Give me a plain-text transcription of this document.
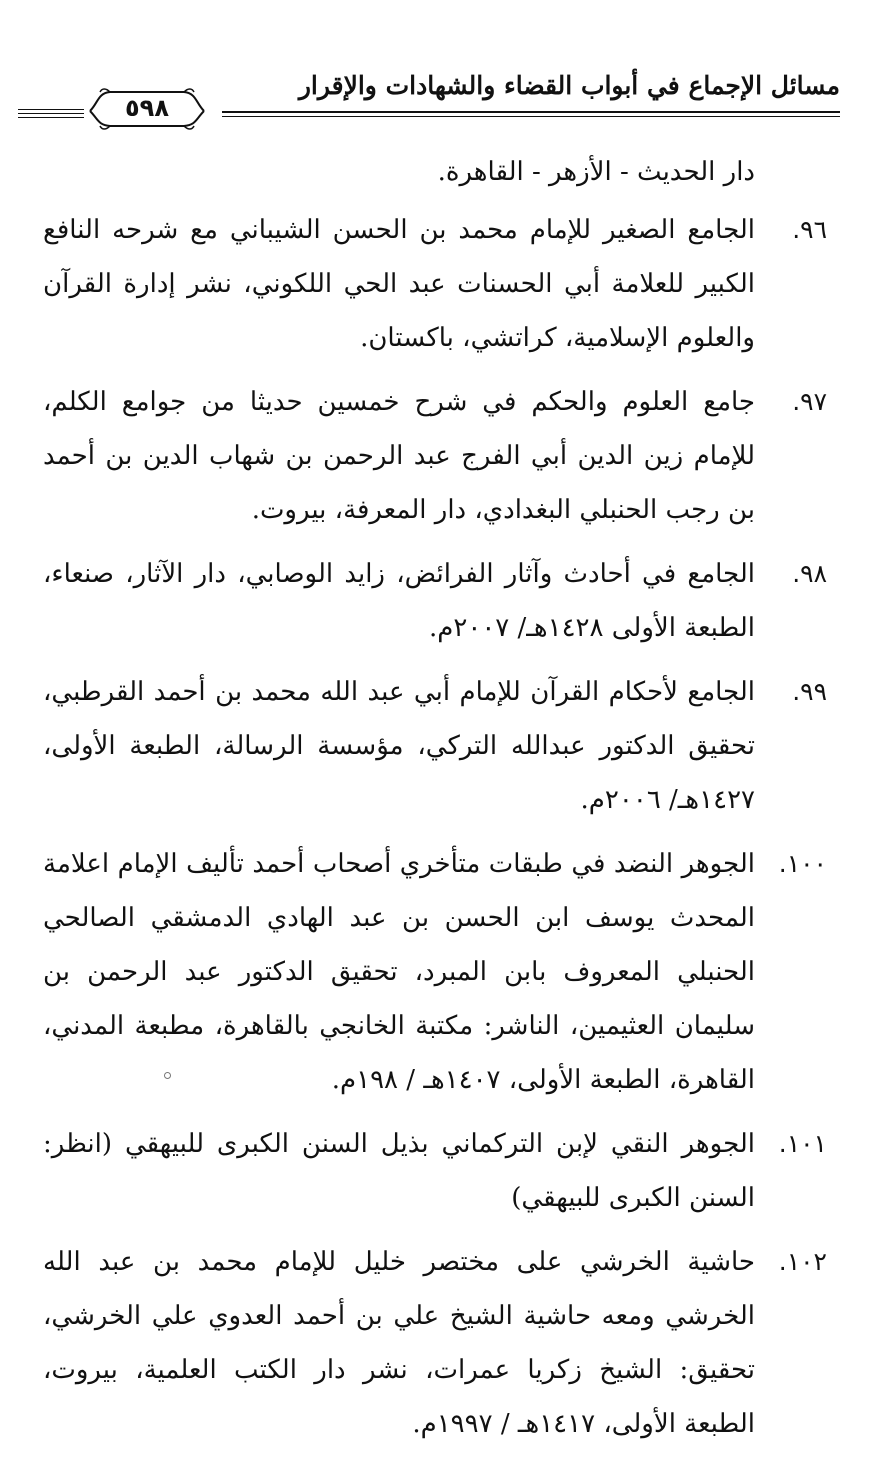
مسائل الإجماع في أبواب القضاء والشهادات والإقرار
٥٩٨

دار الحديث - الأزهر - القاهرة.

٩٦.
الجامع الصغير للإمام محمد بن الحسن الشيباني مع شرحه النافع الكبير للعلامة أبي الحسنات عبد الحي اللكوني، نشر إدارة القرآن والعلوم الإسلامية، كراتشي، باكستان.
٩٧.
جامع العلوم والحكم في شرح خمسين حديثا من جوامع الكلم، للإمام زين الدين أبي الفرج عبد الرحمن بن شهاب الدين بن أحمد بن رجب الحنبلي البغدادي، دار المعرفة، بيروت.
٩٨.
الجامع في أحادث وآثار الفرائض، زايد الوصابي، دار الآثار، صنعاء، الطبعة الأولى ١٤٢٨هـ/ ٢٠٠٧م.
٩٩.
الجامع لأحكام القرآن للإمام أبي عبد الله محمد بن أحمد القرطبي، تحقيق الدكتور عبدالله التركي، مؤسسة الرسالة، الطبعة الأولى، ١٤٢٧هـ/ ٢٠٠٦م.
١٠٠.
الجوهر النضد في طبقات متأخري أصحاب أحمد تأليف الإمام اعلامة المحدث يوسف ابن الحسن بن عبد الهادي الدمشقي الصالحي الحنبلي المعروف بابن المبرد، تحقيق الدكتور عبد الرحمن بن سليمان العثيمين، الناشر: مكتبة الخانجي بالقاهرة، مطبعة المدني، القاهرة، الطبعة الأولى، ١٤٠٧هـ / ١٩٨م.
١٠١.
الجوهر النقي لإبن التركماني بذيل السنن الكبرى للبيهقي (انظر: السنن الكبرى للبيهقي)
١٠٢.
حاشية الخرشي على مختصر خليل للإمام محمد بن عبد الله الخرشي ومعه حاشية الشيخ علي بن أحمد العدوي علي الخرشي، تحقيق: الشيخ زكريا عمرات، نشر دار الكتب العلمية، بيروت، الطبعة الأولى، ١٤١٧هـ / ١٩٩٧م.
